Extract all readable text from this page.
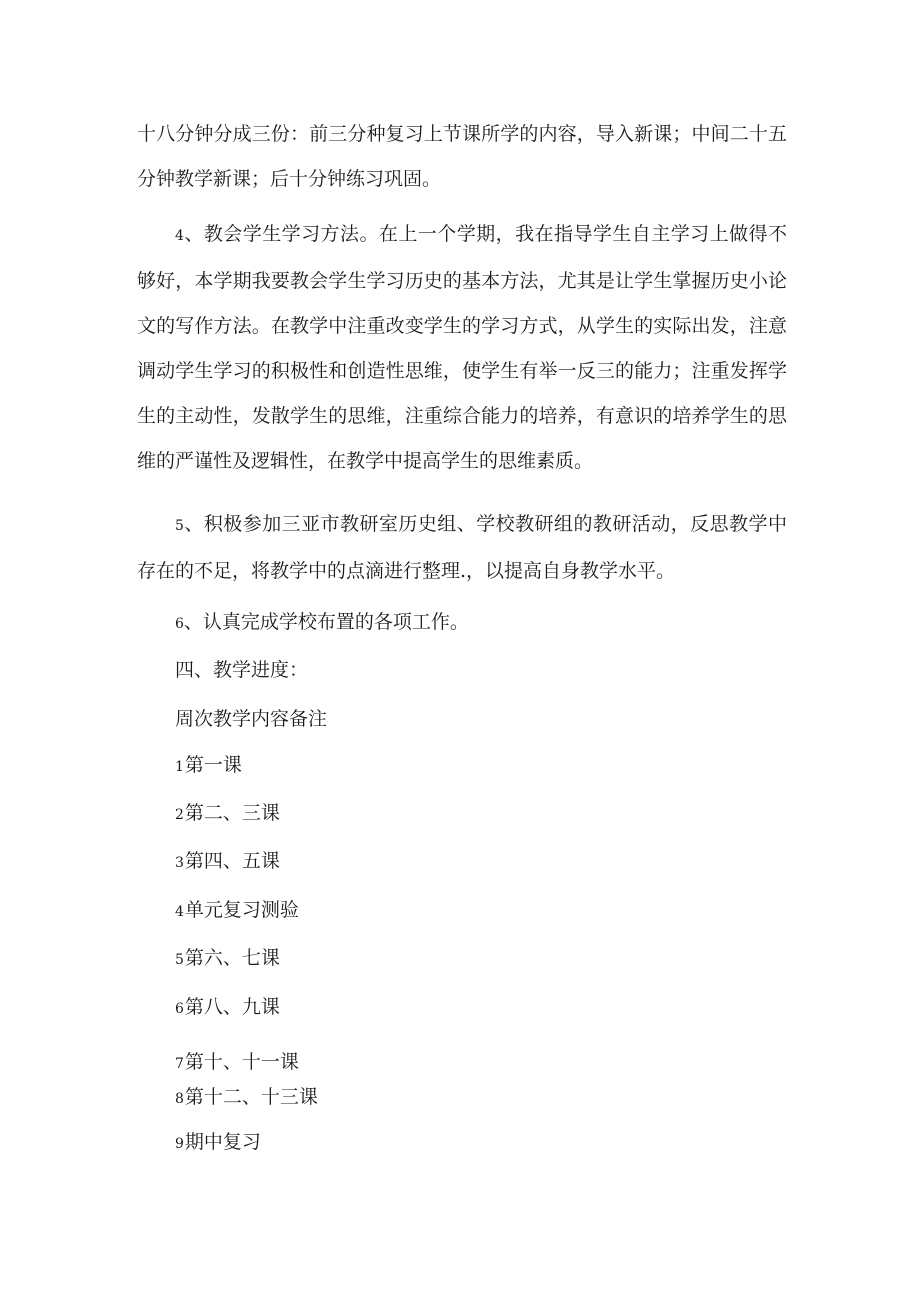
十八分钟分成三份：前三分种复习上节课所学的内容，导入新课；中间二十五分钟教学新课；后十分钟练习巩固。

4、教会学生学习方法。在上一个学期，我在指导学生自主学习上做得不够好，本学期我要教会学生学习历史的基本方法，尤其是让学生掌握历史小论文的写作方法。在教学中注重改变学生的学习方式，从学生的实际出发，注意调动学生学习的积极性和创造性思维，使学生有举一反三的能力；注重发挥学生的主动性，发散学生的思维，注重综合能力的培养，有意识的培养学生的思维的严谨性及逻辑性，在教学中提高学生的思维素质。

5、积极参加三亚市教研室历史组、学校教研组的教研活动，反思教学中存在的不足，将教学中的点滴进行整理.，以提高自身教学水平。

6、认真完成学校布置的各项工作。

四、教学进度：

周次教学内容备注

1第一课

2第二、三课

3第四、五课

4单元复习测验

5第六、七课

6第八、九课

7第十、十一课

8第十二、十三课

9期中复习
